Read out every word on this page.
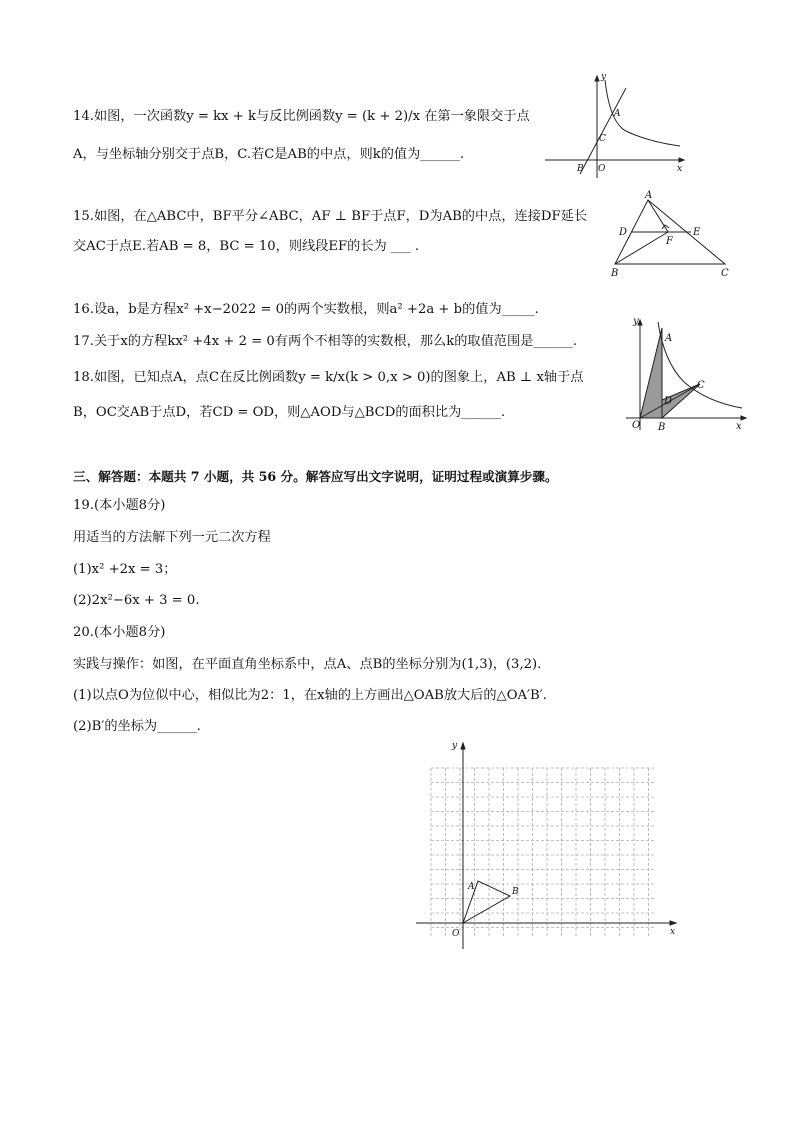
14.如图，一次函数y = kx + k与反比例函数y = (k + 2)/x 在第一象限交于点
A，与坐标轴分别交于点B，C.若C是AB的中点，则k的值为______.
15.如图，在△ABC中，BF平分∠ABC，AF ⊥ BF于点F，D为AB的中点，连接DF延长
交AC于点E.若AB = 8，BC = 10，则线段EF的长为 ___ .
16.设a，b是方程x² +x−2022 = 0的两个实数根，则a² +2a + b的值为_____.
17.关于x的方程kx² +4x + 2 = 0有两个不相等的实数根，那么k的取值范围是______.
18.如图，已知点A，点C在反比例函数y = k/x(k > 0,x > 0)的图象上，AB ⊥ x轴于点
B，OC交AB于点D，若CD = OD，则△AOD与△BCD的面积比为______.
三、解答题：本题共 7 小题，共 56 分。解答应写出文字说明，证明过程或演算步骤。
19.(本小题8分)
用适当的方法解下列一元二次方程
(1)x² +2x = 3；
(2)2x²−6x + 3 = 0.
20.(本小题8分)
实践与操作：如图，在平面直角坐标系中，点A、点B的坐标分别为(1,3)，(3,2).
(1)以点O为位似中心，相似比为2：1，在x轴的上方画出△OAB放大后的△OA′B′.
(2)B′的坐标为______.
y
x
A
C
B O
A
D	E
F
B	C
y
x
A
C
D
O B
y
x
O
A	B
